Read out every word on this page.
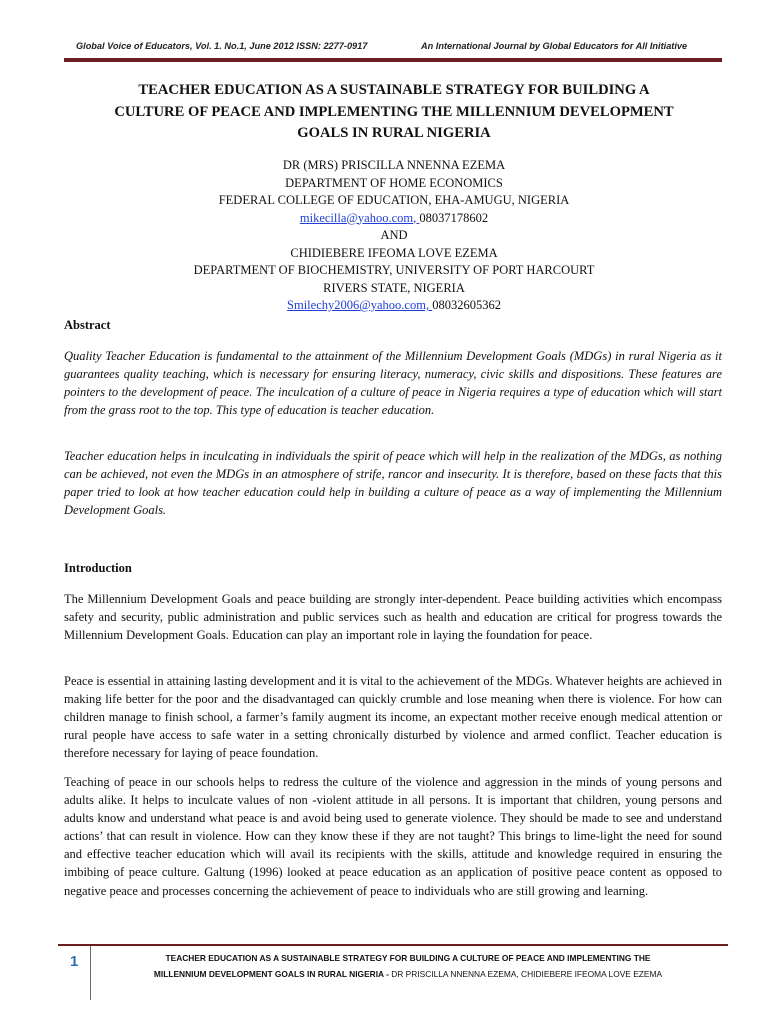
Global Voice of Educators, Vol. 1. No.1, June 2012 ISSN: 2277-0917	An International Journal by Global Educators for All Initiative
TEACHER EDUCATION AS A SUSTAINABLE STRATEGY FOR BUILDING A
CULTURE OF PEACE AND IMPLEMENTING THE MILLENNIUM DEVELOPMENT
GOALS IN RURAL NIGERIA
DR (MRS) PRISCILLA NNENNA EZEMA
DEPARTMENT OF HOME ECONOMICS
FEDERAL COLLEGE OF EDUCATION, EHA-AMUGU, NIGERIA
mikecilla@yahoo.com, 08037178602
AND
CHIDIEBERE IFEOMA LOVE EZEMA
DEPARTMENT OF BIOCHEMISTRY, UNIVERSITY OF PORT HARCOURT
RIVERS STATE, NIGERIA
Smilechy2006@yahoo.com, 08032605362
Abstract

Quality Teacher Education is fundamental to the attainment of the Millennium Development Goals (MDGs) in rural Nigeria as it guarantees quality teaching, which is necessary for ensuring literacy, numeracy, civic skills and dispositions. These features are pointers to the development of peace. The inculcation of a culture of peace in Nigeria requires a type of education which will start from the grass root to the top. This type of education is teacher education.

Teacher education helps in inculcating in individuals the spirit of peace which will help in the realization of the MDGs, as nothing can be achieved, not even the MDGs in an atmosphere of strife, rancor and insecurity. It is therefore, based on these facts that this paper tried to look at how teacher education could help in building a culture of peace as a way of implementing the Millennium Development Goals.

Introduction

The Millennium Development Goals and peace building are strongly inter-dependent. Peace building activities which encompass safety and security, public administration and public services such as health and education are critical for progress towards the Millennium Development Goals. Education can play an important role in laying the foundation for peace.

Peace is essential in attaining lasting development and it is vital to the achievement of the MDGs. Whatever heights are achieved in making life better for the poor and the disadvantaged can quickly crumble and lose meaning when there is violence. For how can children manage to finish school, a farmer’s family augment its income, an expectant mother receive enough medical attention or rural people have access to safe water in a setting chronically disturbed by violence and armed conflict. Teacher education is therefore necessary for laying of peace foundation.

Teaching of peace in our schools helps to redress the culture of the violence and aggression in the minds of young persons and adults alike. It helps to inculcate values of non -violent attitude in all persons. It is important that children, young persons and adults know and understand what peace is and avoid being used to generate violence. They should be made to see and understand actions’ that can result in violence. How can they know these if they are not taught? This brings to lime-light the need for sound and effective teacher education which will avail its recipients with the skills, attitude and knowledge required in ensuring the imbibing of peace culture. Galtung (1996) looked at peace education as an application of positive peace content as opposed to negative peace and processes concerning the achievement of peace to individuals who are still growing and learning.

1	TEACHER EDUCATION AS A SUSTAINABLE STRATEGY FOR BUILDING A CULTURE OF PEACE AND IMPLEMENTING THE
MILLENNIUM DEVELOPMENT GOALS IN RURAL NIGERIA - DR PRISCILLA NNENNA EZEMA, CHIDIEBERE IFEOMA LOVE EZEMA
